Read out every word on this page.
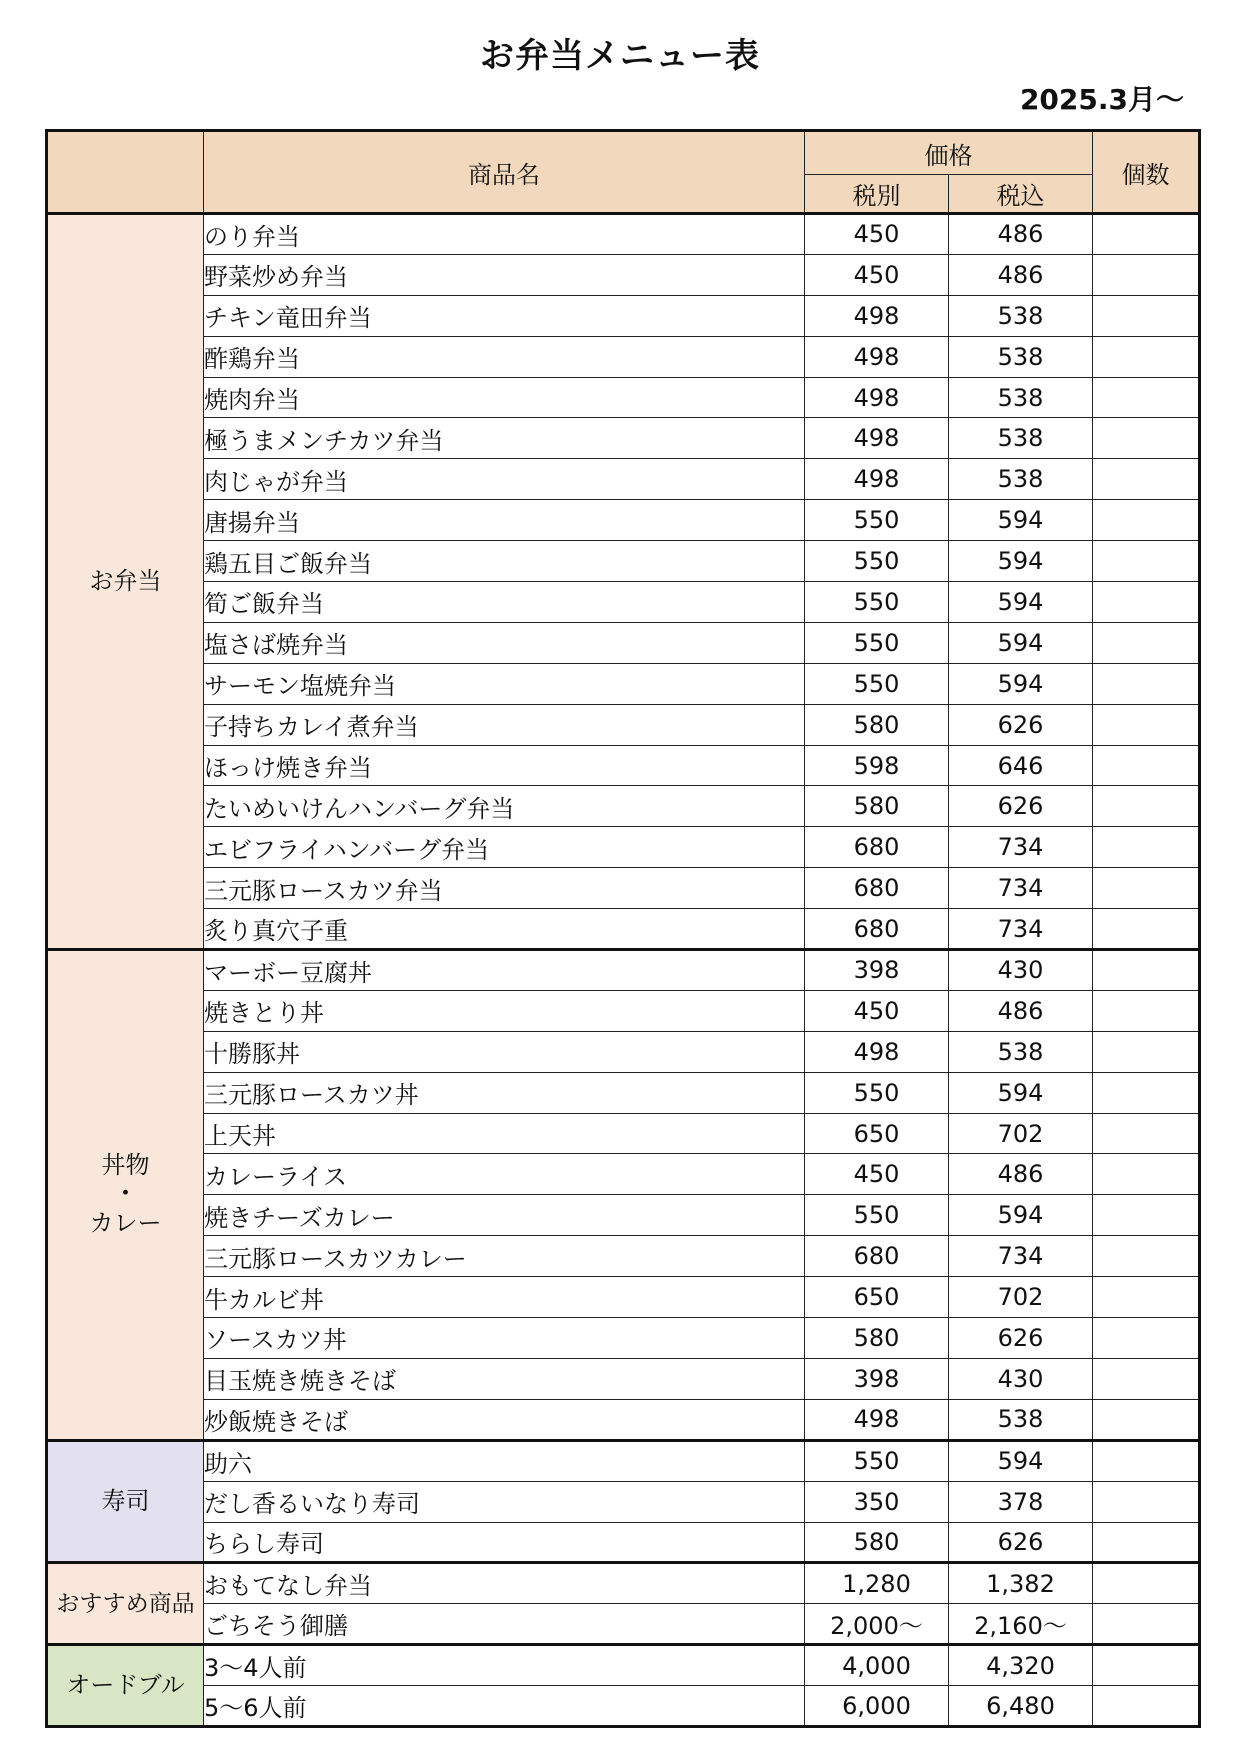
お弁当メニュー表
2025.3月～
	商品名	価格		個数
		税別	税込	

お弁当	のり弁当	450	486	
	野菜炒め弁当	450	486	
	チキン竜田弁当	498	538	
	酢鶏弁当	498	538	
	焼肉弁当	498	538	
	極うまメンチカツ弁当	498	538	
	肉じゃが弁当	498	538	
	唐揚弁当	550	594	
	鶏五目ご飯弁当	550	594	
	筍ご飯弁当	550	594	
	塩さば焼弁当	550	594	
	サーモン塩焼弁当	550	594	
	子持ちカレイ煮弁当	580	626	
	ほっけ焼き弁当	598	646	
	たいめいけんハンバーグ弁当	580	626	
	エビフライハンバーグ弁当	680	734	
	三元豚ロースカツ弁当	680	734	
	炙り真穴子重	680	734	

丼物
・
カレー	マーボー豆腐丼	398	430	
	焼きとり丼	450	486	
	十勝豚丼	498	538	
	三元豚ロースカツ丼	550	594	
	上天丼	650	702	
	カレーライス	450	486	
	焼きチーズカレー	550	594	
	三元豚ロースカツカレー	680	734	
	牛カルビ丼	650	702	
	ソースカツ丼	580	626	
	目玉焼き焼きそば	398	430	
	炒飯焼きそば	498	538	

寿司	助六	550	594	
	だし香るいなり寿司	350	378	
	ちらし寿司	580	626	

おすすめ商品	おもてなし弁当	1,280	1,382	
	ごちそう御膳	2,000～	2,160～	

オードブル	3～4人前	4,000	4,320	
	5～6人前	6,000	6,480	
